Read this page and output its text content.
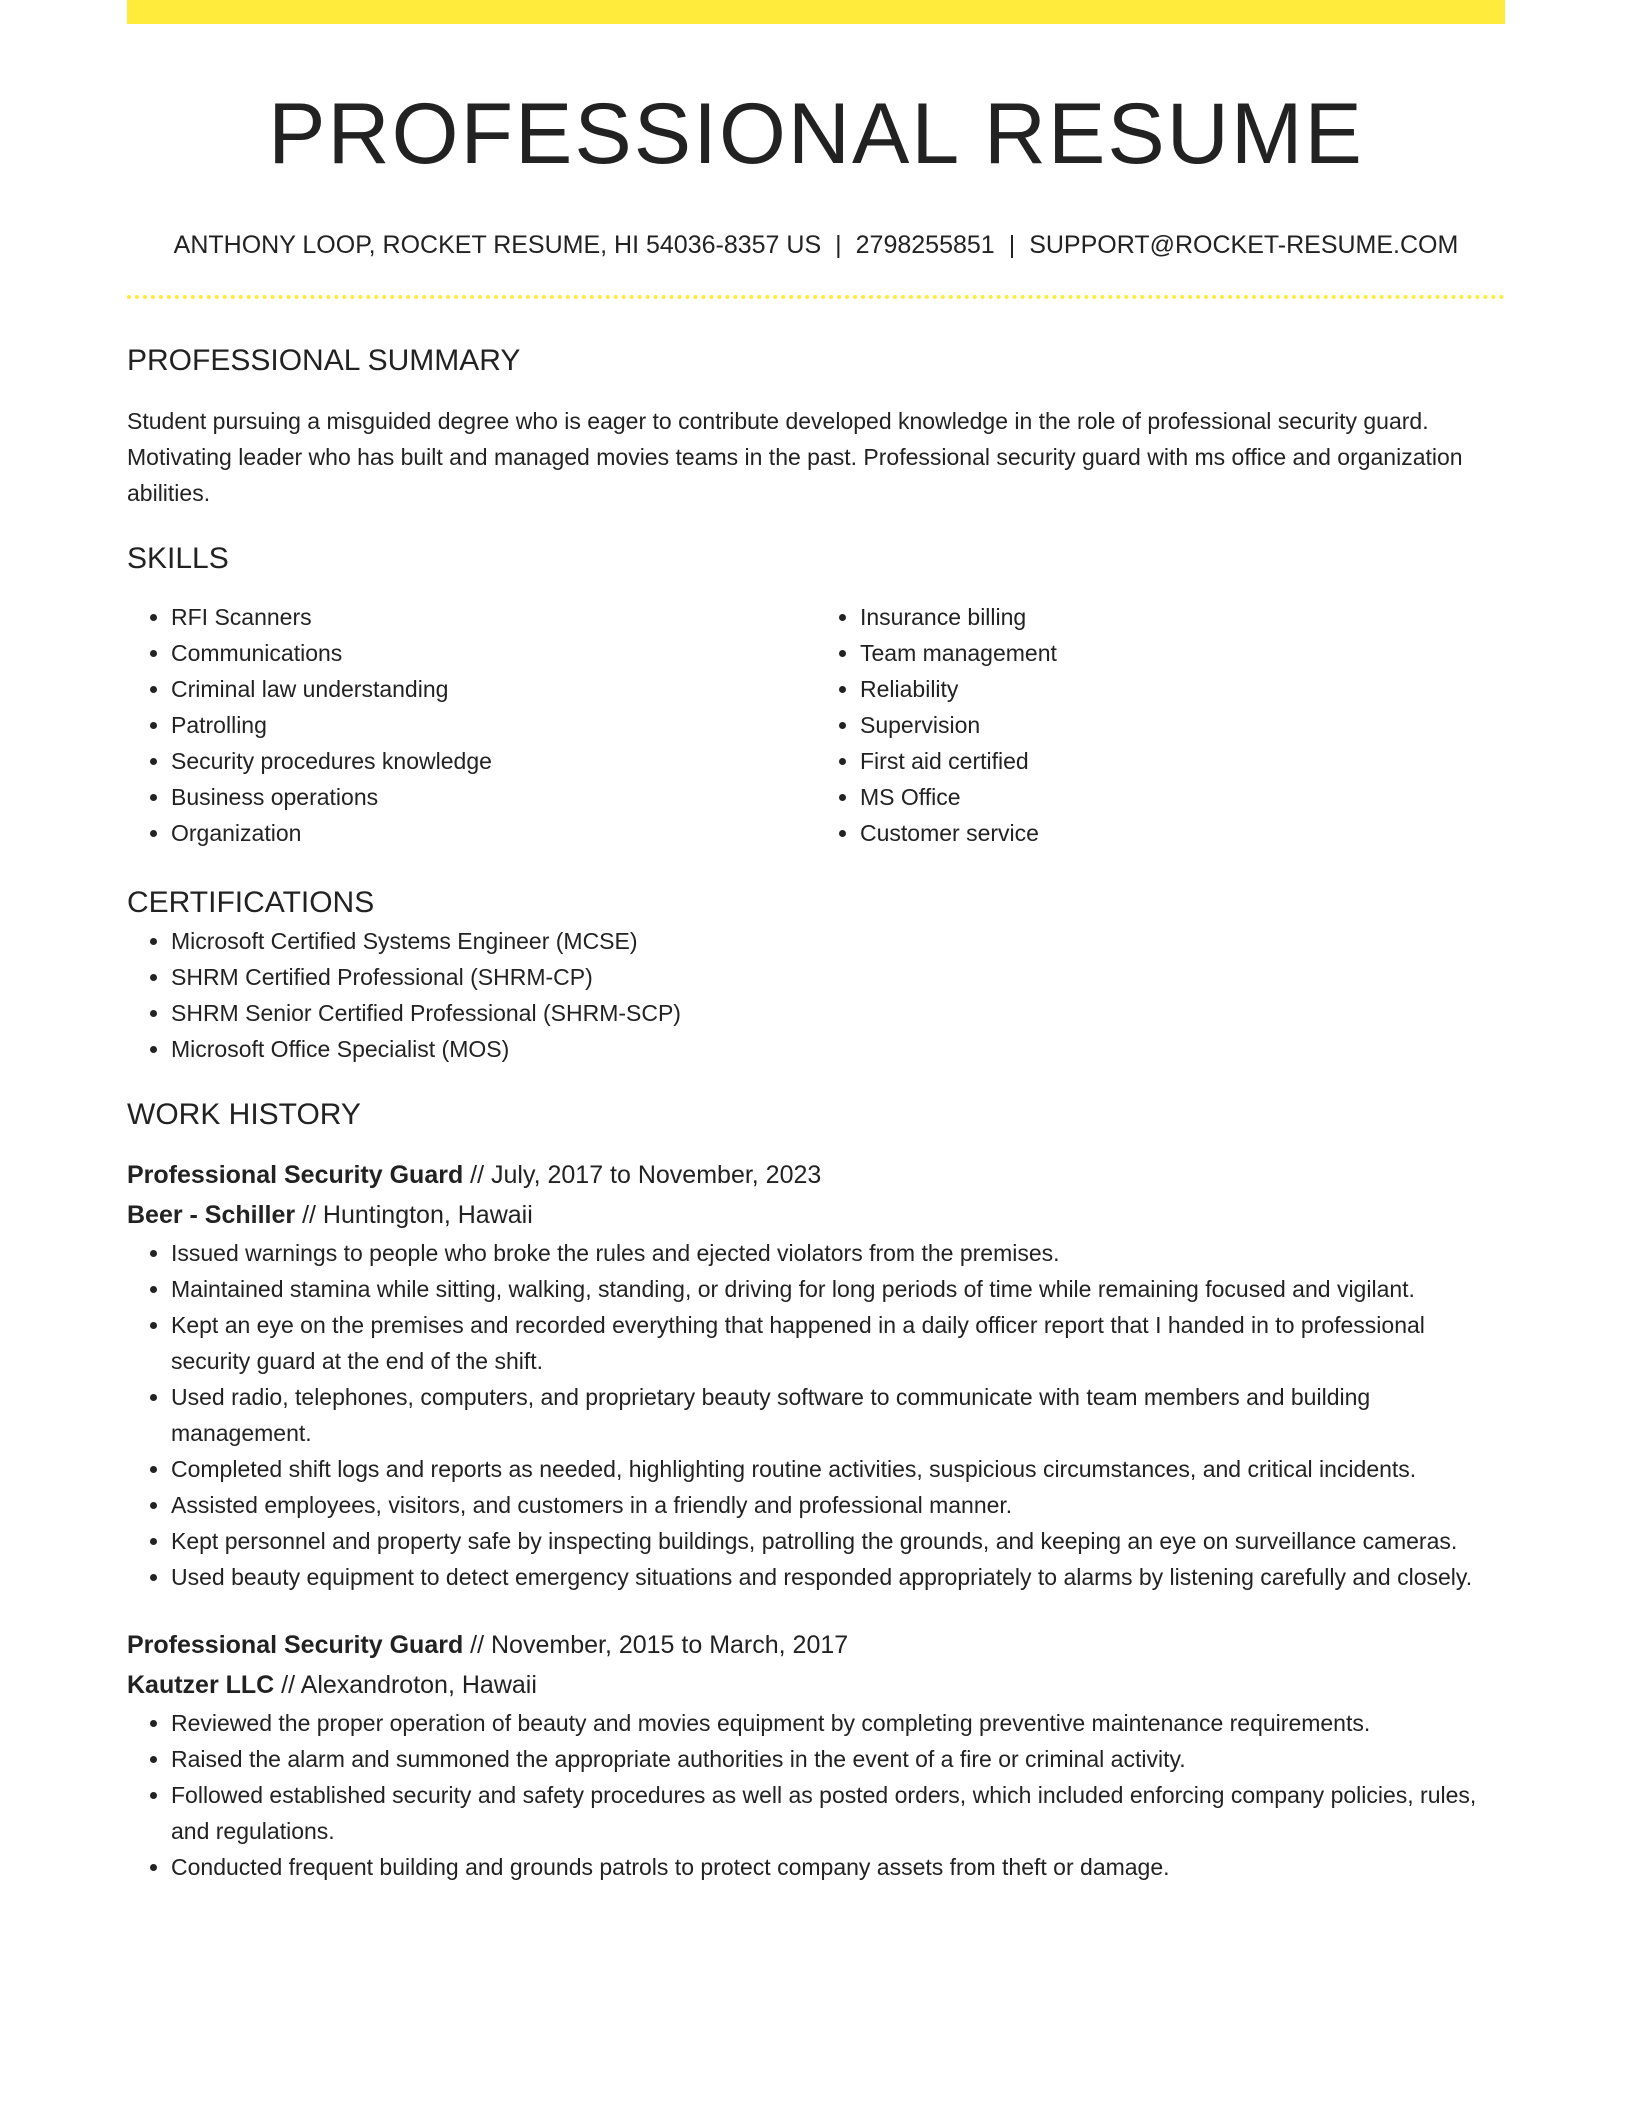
PROFESSIONAL RESUME
ANTHONY LOOP, ROCKET RESUME, HI 54036-8357 US | 2798255851 | SUPPORT@ROCKET-RESUME.COM
PROFESSIONAL SUMMARY
Student pursuing a misguided degree who is eager to contribute developed knowledge in the role of professional security guard. Motivating leader who has built and managed movies teams in the past. Professional security guard with ms office and organization abilities.
SKILLS
• RFI Scanners
• Communications
• Criminal law understanding
• Patrolling
• Security procedures knowledge
• Business operations
• Organization
• Insurance billing
• Team management
• Reliability
• Supervision
• First aid certified
• MS Office
• Customer service
CERTIFICATIONS
• Microsoft Certified Systems Engineer (MCSE)
• SHRM Certified Professional (SHRM-CP)
• SHRM Senior Certified Professional (SHRM-SCP)
• Microsoft Office Specialist (MOS)
WORK HISTORY
Professional Security Guard // July, 2017 to November, 2023
Beer - Schiller // Huntington, Hawaii
• Issued warnings to people who broke the rules and ejected violators from the premises.
• Maintained stamina while sitting, walking, standing, or driving for long periods of time while remaining focused and vigilant.
• Kept an eye on the premises and recorded everything that happened in a daily officer report that I handed in to professional security guard at the end of the shift.
• Used radio, telephones, computers, and proprietary beauty software to communicate with team members and building management.
• Completed shift logs and reports as needed, highlighting routine activities, suspicious circumstances, and critical incidents.
• Assisted employees, visitors, and customers in a friendly and professional manner.
• Kept personnel and property safe by inspecting buildings, patrolling the grounds, and keeping an eye on surveillance cameras.
• Used beauty equipment to detect emergency situations and responded appropriately to alarms by listening carefully and closely.
Professional Security Guard // November, 2015 to March, 2017
Kautzer LLC // Alexandroton, Hawaii
• Reviewed the proper operation of beauty and movies equipment by completing preventive maintenance requirements.
• Raised the alarm and summoned the appropriate authorities in the event of a fire or criminal activity.
• Followed established security and safety procedures as well as posted orders, which included enforcing company policies, rules, and regulations.
• Conducted frequent building and grounds patrols to protect company assets from theft or damage.
